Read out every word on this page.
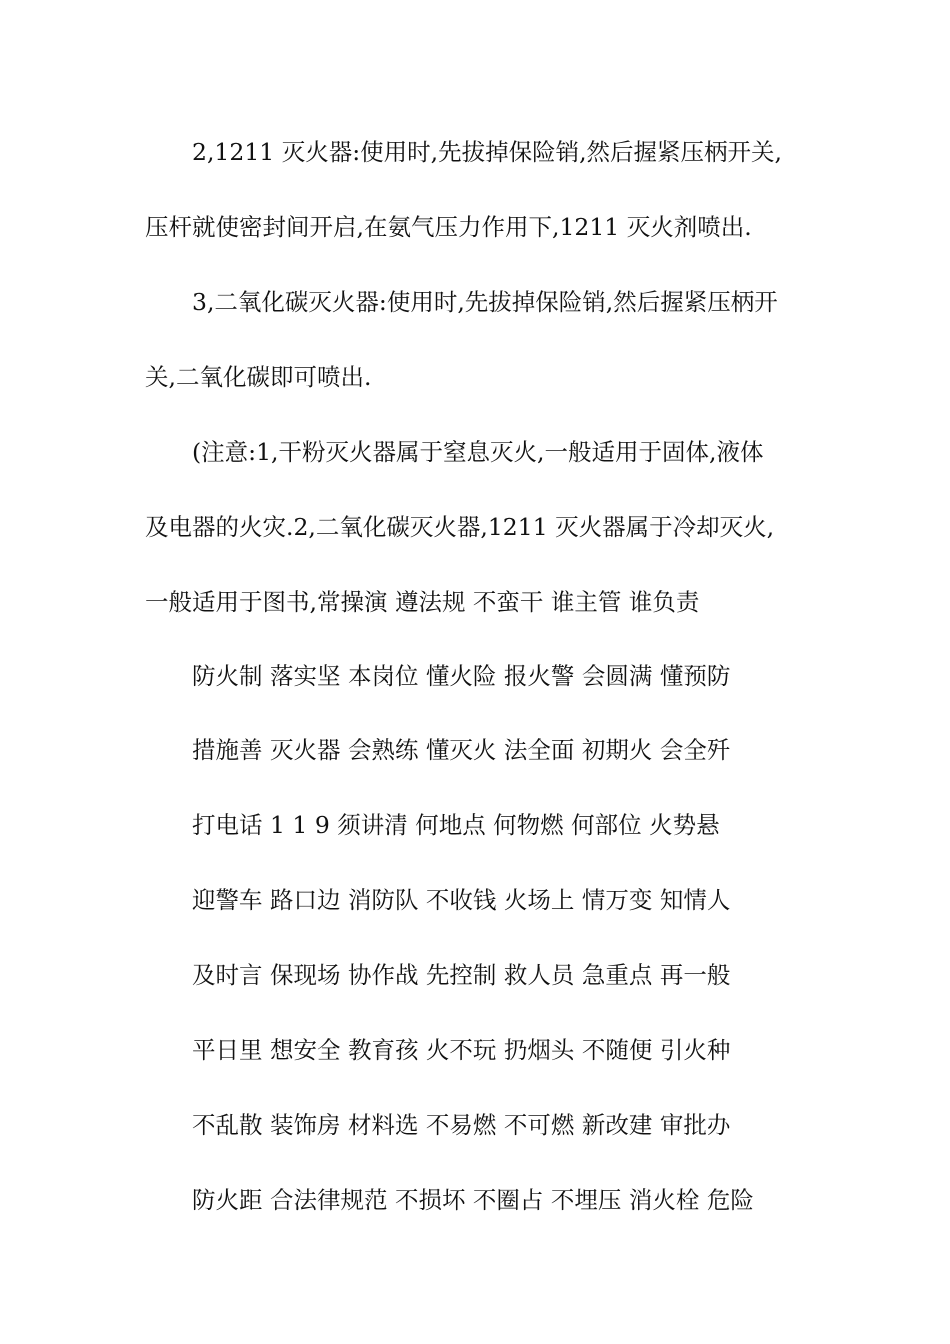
2,1211 灭火器:使用时,先拔掉保险销,然后握紧压柄开关,
压杆就使密封间开启,在氨气压力作用下,1211 灭火剂喷出.
3,二氧化碳灭火器:使用时,先拔掉保险销,然后握紧压柄开
关,二氧化碳即可喷出.
(注意:1,干粉灭火器属于窒息灭火,一般适用于固体,液体
及电器的火灾.2,二氧化碳灭火器,1211 灭火器属于冷却灭火,
一般适用于图书,常操演 遵法规 不蛮干 谁主管 谁负责
防火制 落实坚 本岗位 懂火险 报火警 会圆满 懂预防
措施善 灭火器 会熟练 懂灭火 法全面 初期火 会全歼
打电话 1 1 9 须讲清 何地点 何物燃 何部位 火势悬
迎警车 路口边 消防队 不收钱 火场上 情万变 知情人
及时言 保现场 协作战 先控制 救人员 急重点 再一般
平日里 想安全 教育孩 火不玩 扔烟头 不随便 引火种
不乱散 装饰房 材料选 不易燃 不可燃 新改建 审批办
防火距 合法律规范 不损坏 不圈占 不埋压 消火栓 危险
